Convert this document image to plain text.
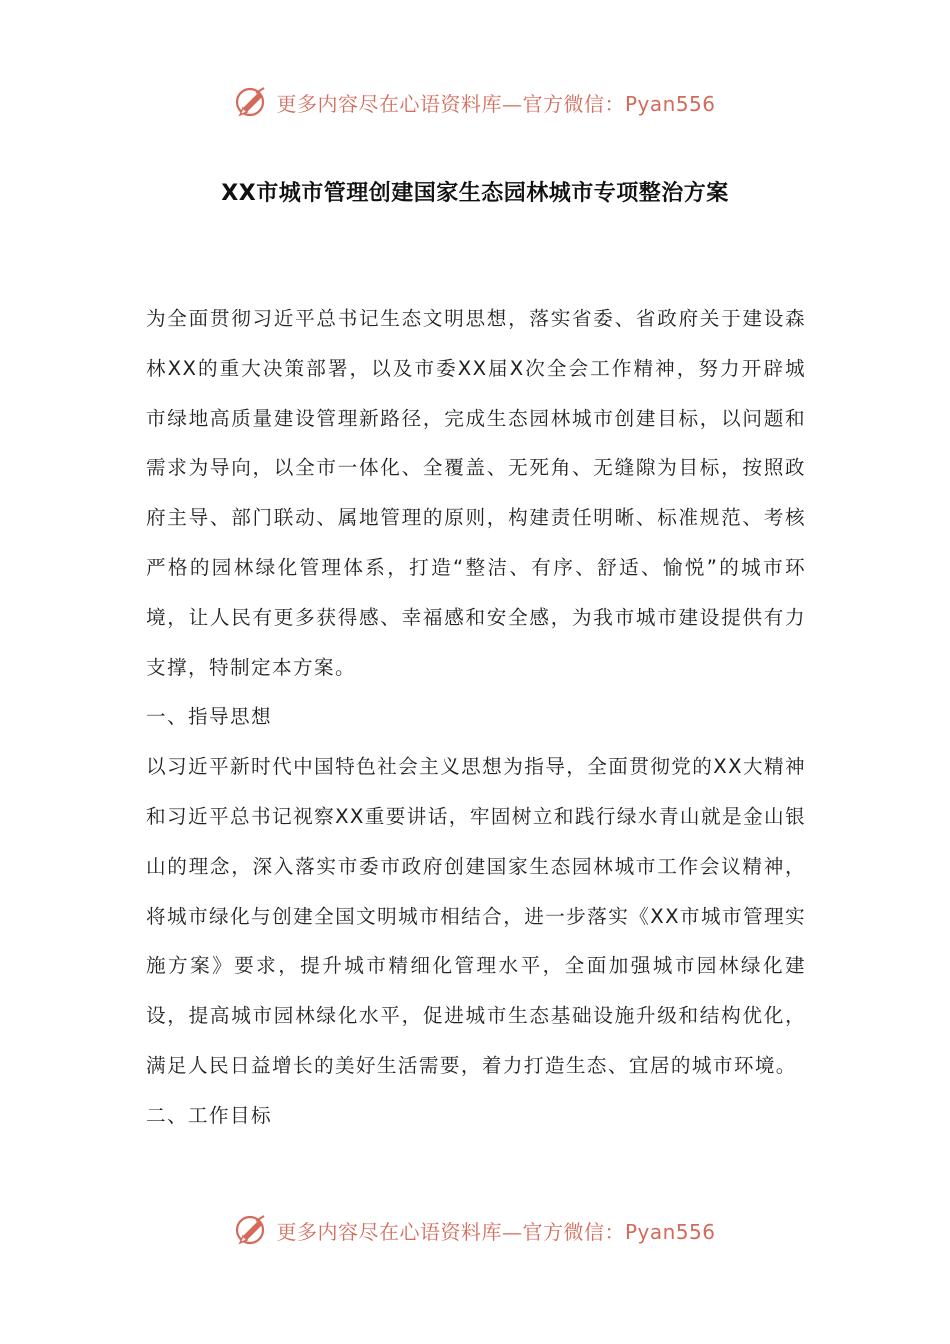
更多内容尽在心语资料库—官方微信：Pyan556
XX市城市管理创建国家生态园林城市专项整治方案

为全面贯彻习近平总书记生态文明思想，落实省委、省政府关于建设森林XX的重大决策部署，以及市委XX届X次全会工作精神，努力开辟城市绿地高质量建设管理新路径，完成生态园林城市创建目标，以问题和需求为导向，以全市一体化、全覆盖、无死角、无缝隙为目标，按照政府主导、部门联动、属地管理的原则，构建责任明晰、标准规范、考核严格的园林绿化管理体系，打造“整洁、有序、舒适、愉悦”的城市环境，让人民有更多获得感、幸福感和安全感，为我市城市建设提供有力支撑，特制定本方案。

一、指导思想

以习近平新时代中国特色社会主义思想为指导，全面贯彻党的XX大精神和习近平总书记视察XX重要讲话，牢固树立和践行绿水青山就是金山银山的理念，深入落实市委市政府创建国家生态园林城市工作会议精神，将城市绿化与创建全国文明城市相结合，进一步落实《XX市城市管理实施方案》要求，提升城市精细化管理水平，全面加强城市园林绿化建设，提高城市园林绿化水平，促进城市生态基础设施升级和结构优化，满足人民日益增长的美好生活需要，着力打造生态、宜居的城市环境。

二、工作目标
更多内容尽在心语资料库—官方微信：Pyan556
